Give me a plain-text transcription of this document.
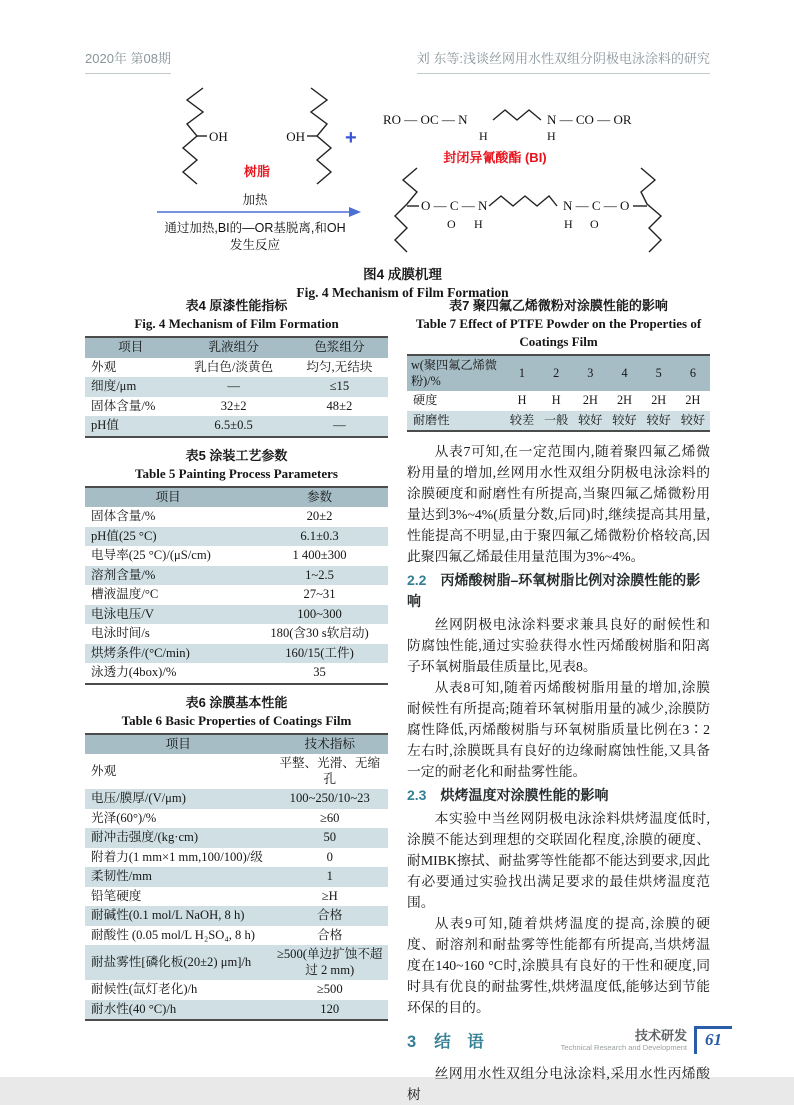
2020年 第08期	刘 东等:浅谈丝网用水性双组分阴极电泳涂料的研究
OH	OH
树脂
+
RO — OC — N
H
N — CO — OR
H
封闭异氰酸酯 (BI)
加热
通过加热,BI的—OR基脱离,和OH
发生反应
O — C — N
O H
N — C — O
H O
图4 成膜机理
Fig. 4 Mechanism of Film Formation
表4 原漆性能指标
Fig. 4 Mechanism of Film Formation
项目	乳液组分	色浆组分
外观	乳白色/淡黄色	均匀,无结块
细度/μm	—	≤15
固体含量/%	32±2	48±2
pH值	6.5±0.5	—
表5 涂装工艺参数
Table 5 Painting Process Parameters
项目	参数
固体含量/%	20±2
pH值(25 °C)	6.1±0.3
电导率(25 °C)/(μS/cm)	1 400±300
溶剂含量/%	1~2.5
槽液温度/°C	27~31
电泳电压/V	100~300
电泳时间/s	180(含30 s软启动)
烘烤条件/(°C/min)	160/15(工件)
泳透力(4box)/%	35
表6 涂膜基本性能
Table 6 Basic Properties of Coatings Film
项目	技术指标
外观	平整、光滑、无缩孔
电压/膜厚/(V/μm)	100~250/10~23
光泽(60°)/%	≥60
耐冲击强度/(kg·cm)	50
附着力(1 mm×1 mm,100/100)/级	0
柔韧性/mm	1
铅笔硬度	≥H
耐碱性(0.1 mol/L NaOH, 8 h)	合格
耐酸性 (0.05 mol/L H₂SO₄, 8 h)	合格
耐盐雾性[磷化板(20±2) μm]/h	≥500(单边扩蚀不超过 2 mm)
耐候性(氙灯老化)/h	≥500
耐水性(40 °C)/h	120
表7 聚四氟乙烯微粉对涂膜性能的影响
Table 7 Effect of PTFE Powder on the Properties of Coatings Film
w(聚四氟乙烯微粉)/%	1	2	3	4	5	6
硬度	H	H	2H	2H	2H	2H
耐磨性	较差	一般	较好	较好	较好	较好

从表7可知,在一定范围内,随着聚四氟乙烯微粉用量的增加,丝网用水性双组分阴极电泳涂料的涂膜硬度和耐磨性有所提高,当聚四氟乙烯微粉用量达到3%~4%(质量分数,后同)时,继续提高其用量,性能提高不明显,由于聚四氟乙烯微粉价格较高,因此聚四氟乙烯最佳用量范围为3%~4%。

2.2 丙烯酸树脂–环氧树脂比例对涂膜性能的影响

丝网阴极电泳涂料要求兼具良好的耐候性和防腐蚀性能,通过实验获得水性丙烯酸树脂和阳离子环氧树脂最佳质量比,见表8。

从表8可知,随着丙烯酸树脂用量的增加,涂膜耐候性有所提高;随着环氧树脂用量的减少,涂膜防腐性降低,丙烯酸树脂与环氧树脂质量比例在3∶2左右时,涂膜既具有良好的边缘耐腐蚀性能,又具备一定的耐老化和耐盐雾性能。

2.3 烘烤温度对涂膜性能的影响

本实验中当丝网阴极电泳涂料烘烤温度低时,涂膜不能达到理想的交联固化程度,涂膜的硬度、耐MIBK擦拭、耐盐雾等性能都不能达到要求,因此有必要通过实验找出满足要求的最佳烘烤温度范围。

从表9可知,随着烘烤温度的提高,涂膜的硬度、耐溶剂和耐盐雾等性能都有所提高,当烘烤温度在140~160 °C时,涂膜具有良好的干性和硬度,同时具有优良的耐盐雾性,烘烤温度低,能够达到节能环保的目的。

3 结　语

丝网用水性双组分电泳涂料,采用水性丙烯酸树

技术研发
Technical Research and Development	61
